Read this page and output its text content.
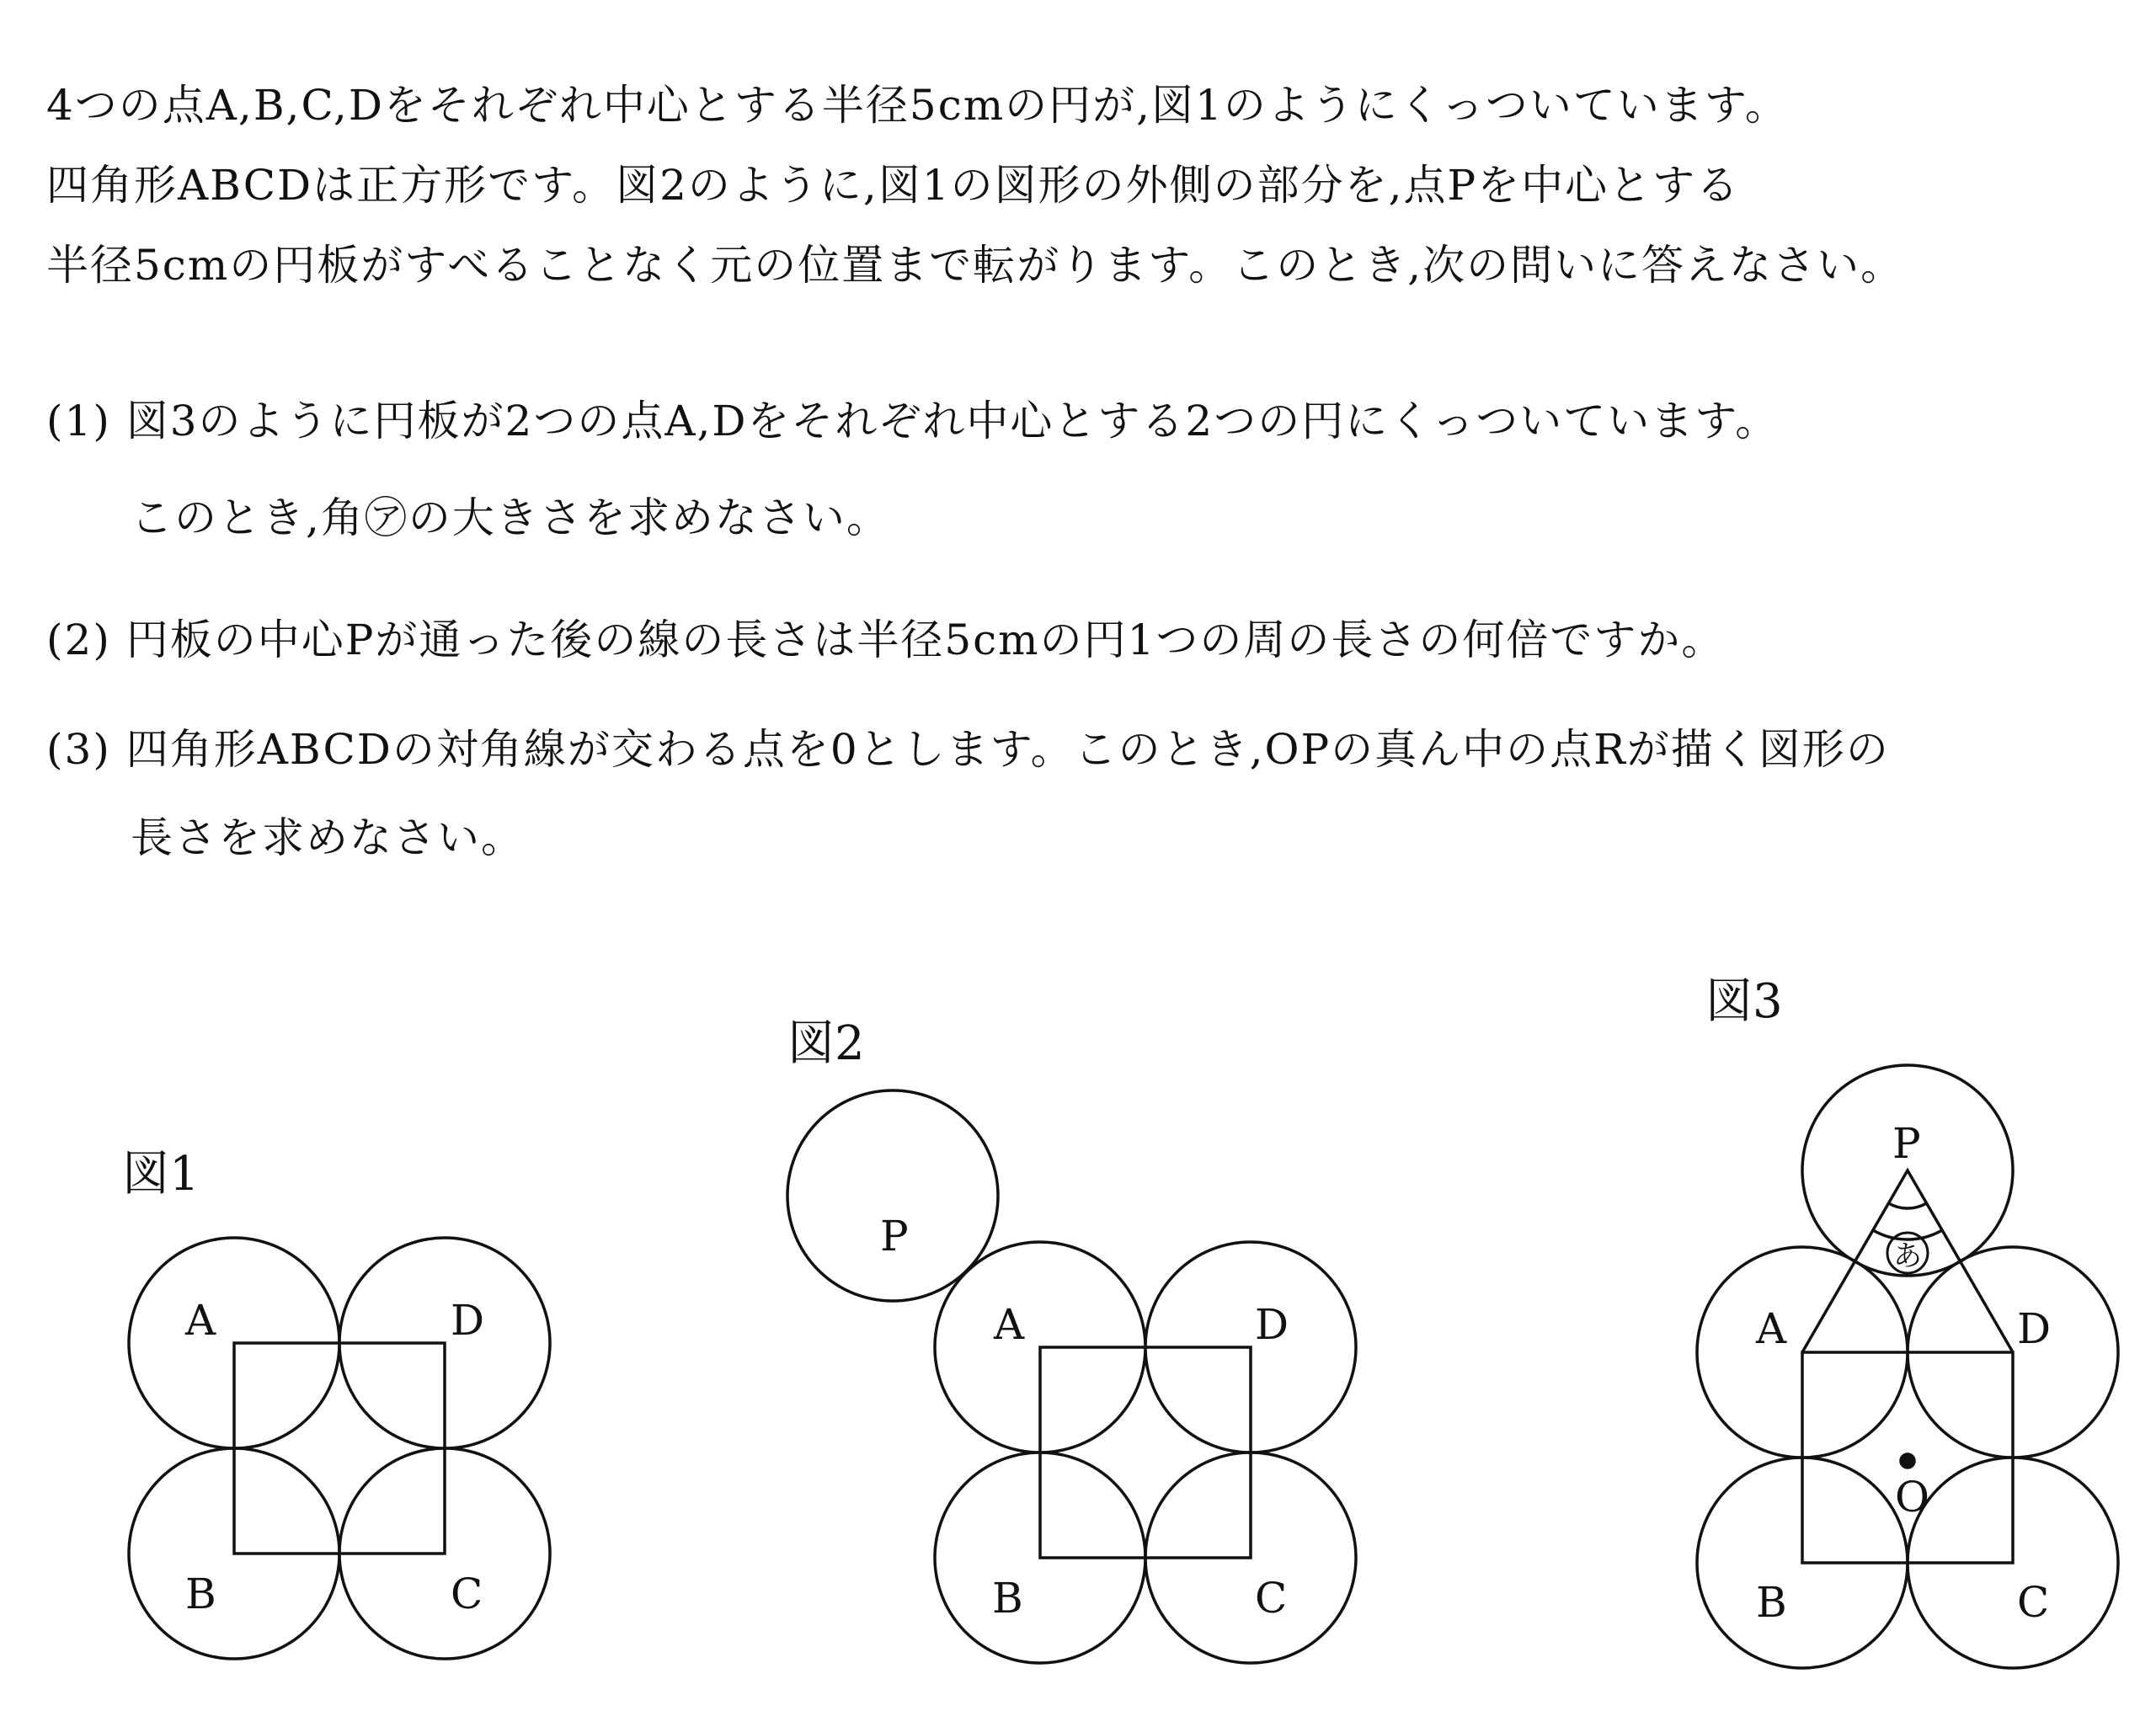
4つの点A,B,C,Dをそれぞれ中心とする半径5cmの円が,図1のようにくっついています。
四角形ABCDは正方形です。図2のように,図1の図形の外側の部分を,点Pを中心とする
半径5cmの円板がすべることなく元の位置まで転がります。このとき,次の問いに答えなさい。
(1) 図3のように円板が2つの点A,Dをそれぞれ中心とする2つの円にくっついています。
このとき,角㋐の大きさを求めなさい。
(2) 円板の中心Pが通った後の線の長さは半径5cmの円1つの周の長さの何倍ですか。
(3) 四角形ABCDの対角線が交わる点を0とします。このとき,OPの真ん中の点Rが描く図形の
長さを求めなさい。
図1
図2
図3
A	D
B	C
P
A	D
B	C
あ
P
A	D
O
B	C
